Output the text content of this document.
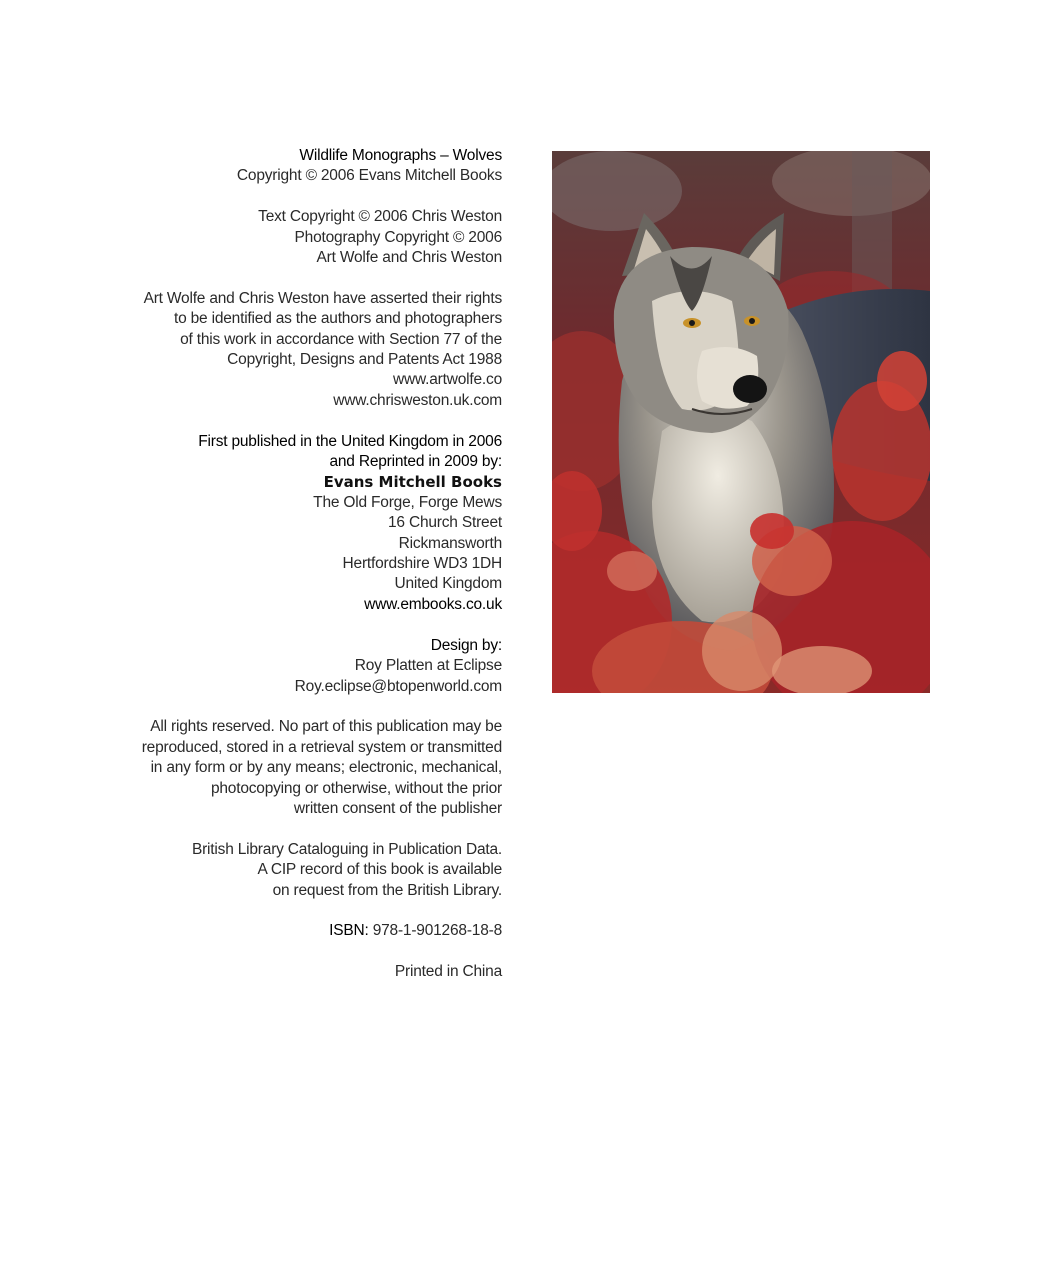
Wildlife Monographs – Wolves
Copyright © 2006 Evans Mitchell Books
Text Copyright © 2006 Chris Weston
Photography Copyright © 2006
Art Wolfe and Chris Weston
Art Wolfe and Chris Weston have asserted their rights
to be identified as the authors and photographers
of this work in accordance with Section 77 of the
Copyright, Designs and Patents Act 1988
www.artwolfe.co
www.chrisweston.uk.com
First published in the United Kingdom in 2006
and Reprinted in 2009 by:
Evans Mitchell Books
The Old Forge, Forge Mews
16 Church Street
Rickmansworth
Hertfordshire WD3 1DH
United Kingdom
www.embooks.co.uk
Design by:
Roy Platten at Eclipse
Roy.eclipse@btopenworld.com
All rights reserved. No part of this publication may be
reproduced, stored in a retrieval system or transmitted
in any form or by any means; electronic, mechanical,
photocopying or otherwise, without the prior
written consent of the publisher
British Library Cataloguing in Publication Data.
A CIP record of this book is available
on request from the British Library.
ISBN: 978-1-901268-18-8
Printed in China
